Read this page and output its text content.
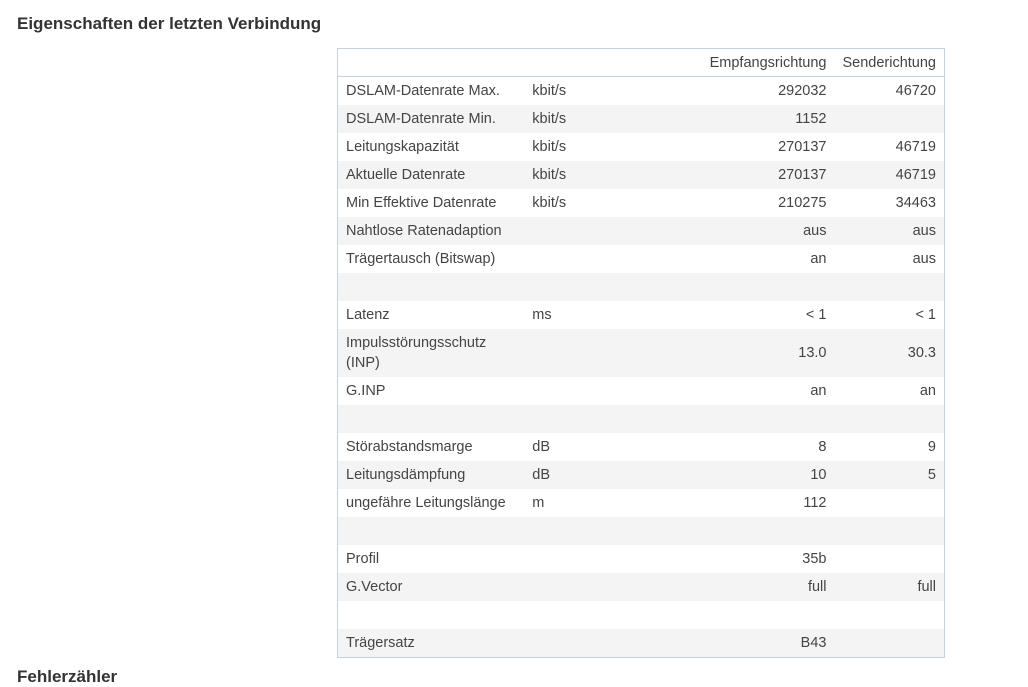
Eigenschaften der letzten Verbindung
		Empfangsrichtung	Senderichtung
DSLAM-Datenrate Max.	kbit/s	292032	46720
DSLAM-Datenrate Min.	kbit/s	1152	
Leitungskapazität	kbit/s	270137	46719
Aktuelle Datenrate	kbit/s	270137	46719
Min Effektive Datenrate	kbit/s	210275	34463
Nahtlose Ratenadaption		aus	aus
Trägertausch (Bitswap)		an	aus

Latenz	ms	< 1	< 1
Impulsstörungsschutz (INP)		13.0	30.3
G.INP		an	an

Störabstandsmarge	dB	8	9
Leitungsdämpfung	dB	10	5
ungefähre Leitungslänge	m	112	

Profil		35b	
G.Vector		full	full

Trägersatz		B43	
Fehlerzähler
